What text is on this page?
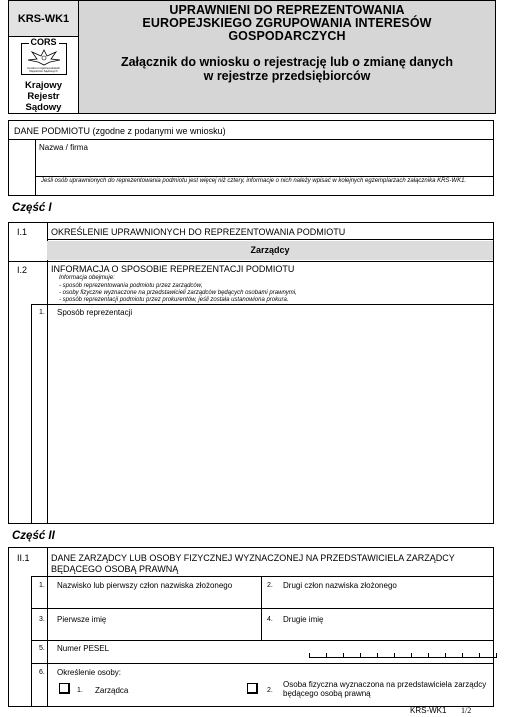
KRS-WK1
CORS
Centrum Ogólnopolskich Rejestrów Sądowych
Krajowy Rejestr Sądowy
UPRAWNIENI DO REPREZENTOWANIA
EUROPEJSKIEGO ZGRUPOWANIA INTERESÓW
GOSPODARCZYCH
Załącznik do wniosku o rejestrację lub o zmianę danych
w rejestrze przedsiębiorców
DANE PODMIOTU (zgodne z podanymi we wniosku)
Nazwa / firma
Jeśli osób uprawnionych do reprezentowania podmiotu jest więcej niż cztery, informacje o nich należy wpisać w kolejnych egzemplarzach załącznika KRS-WK1.
Część I
I.1	OKREŚLENIE UPRAWNIONYCH DO REPREZENTOWANIA PODMIOTU
Zarządcy
I.2	INFORMACJA O SPOSOBIE REPREZENTACJI PODMIOTU
Informacja obejmuje:
- sposób reprezentowania podmiotu przez zarządców,
- osoby fizyczne wyznaczone na przedstawicieli zarządców będących osobami prawnymi,
- sposób reprezentacji podmiotu przez prokurentów, jeśli została ustanowiona prokura.
1. Sposób reprezentacji
Część II
II.1 DANE ZARZĄDCY LUB OSOBY FIZYCZNEJ WYZNACZONEJ NA PRZEDSTAWICIELA ZARZĄDCY
BĘDĄCEGO OSOBĄ PRAWNĄ
1. Nazwisko lub pierwszy człon nazwiska złożonego	2. Drugi człon nazwiska złożonego
3. Pierwsze imię	4. Drugie imię
5. Numer PESEL
6. Określenie osoby:
1. Zarządca	2.
Osoba fizyczna wyznaczona na przedstawiciela zarządcy
będącego osobą prawną
KRS-WK1 1/2
